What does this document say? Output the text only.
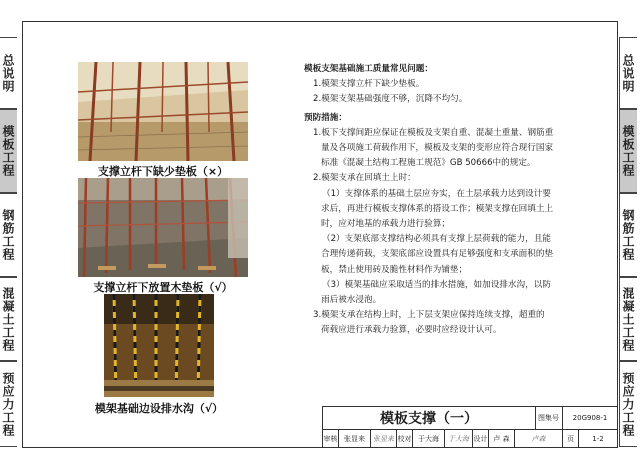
总说明
模板工程
钢筋工程
混凝土工程
预应力工程
总说明
模板工程
钢筋工程
混凝土工程
预应力工程
支撑立杆下缺少垫板（×）
支撑立杆下放置木垫板（√）
模架基础边设排水沟（√）

模板支架基础施工质量常见问题：

1.模架支撑立杆下缺少垫板。

2.模架支架基础强度不够，沉降不均匀。

预防措施：

1.板下支撑间距应保证在模板及支架自重、混凝土重量、钢筋重

量及各项施工荷载作用下，模板及支架的变形应符合现行国家

标准《混凝土结构工程施工规范》GB 50666中的规定。

2.模架支承在回填土上时：

（1）支撑体系的基础土层应夯实，在土层承载力达到设计要

求后，再进行模板支撑体系的搭设工作；模架支撑在回填土上

时，应对地基的承载力进行验算；

（2）支架底部支撑结构必须具有支撑上层荷载的能力，且能

合理传递荷载，支架底部应设置具有足够强度和支承面积的垫

板，禁止使用砖及脆性材料作为铺垫；

（3）模架基础应采取适当的排水措施，如加设排水沟，以防

雨后被水浸泡。

3.模架支承在结构上时，上下层支架应保持连续支撑，超重的

荷载应进行承载力验算，必要时应经设计认可。

模板支撑（一）	图集号	20G908-1
审核 张显来	张显来 校对 于大海	于大海 设计 卢 森	卢森	页	1-2
